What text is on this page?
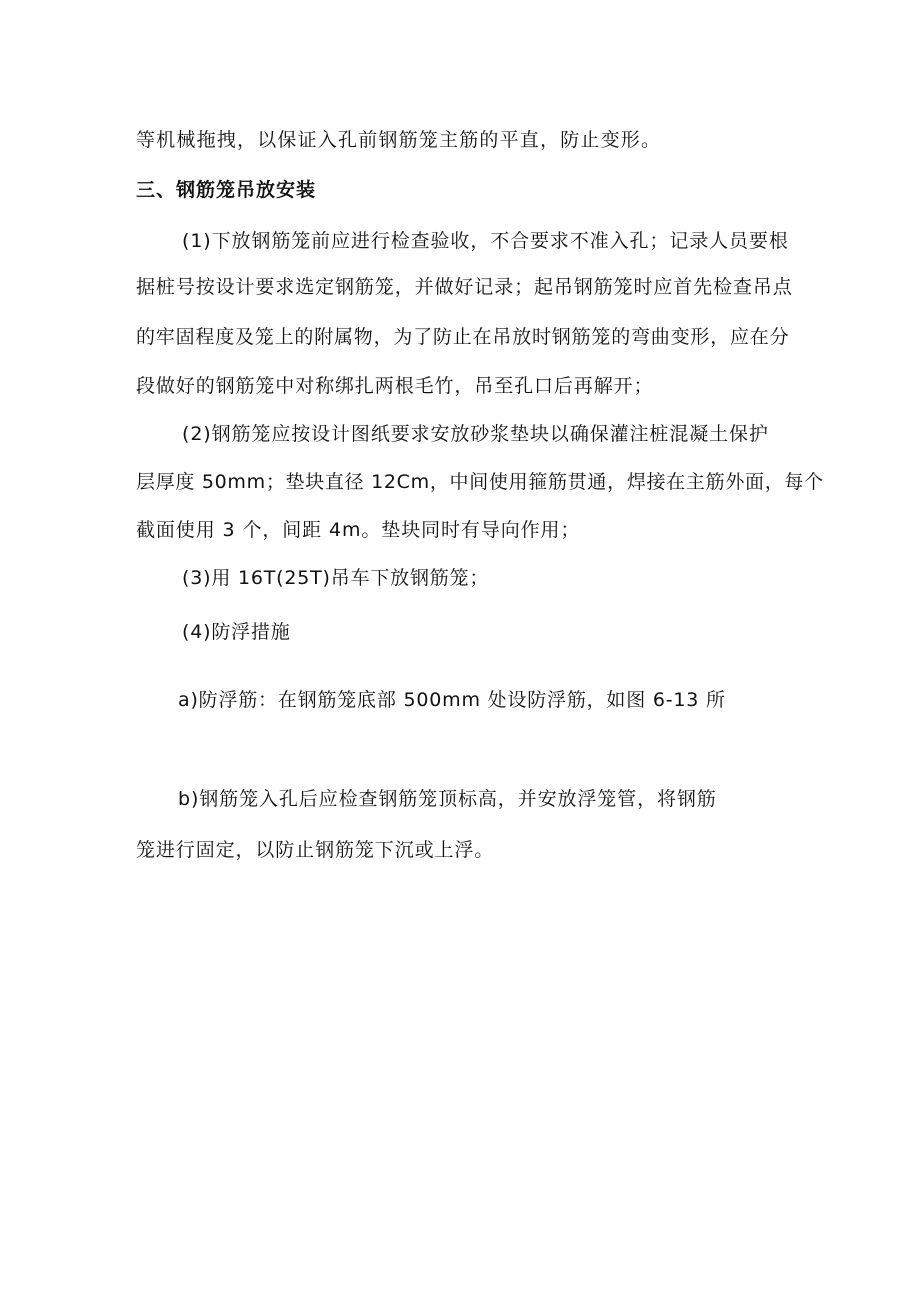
等机械拖拽，以保证入孔前钢筋笼主筋的平直，防止变形。
三、钢筋笼吊放安装
(1)下放钢筋笼前应进行检查验收，不合要求不准入孔；记录人员要根
据桩号按设计要求选定钢筋笼，并做好记录；起吊钢筋笼时应首先检查吊点
的牢固程度及笼上的附属物，为了防止在吊放时钢筋笼的弯曲变形，应在分
段做好的钢筋笼中对称绑扎两根毛竹，吊至孔口后再解开；
(2)钢筋笼应按设计图纸要求安放砂浆垫块以确保灌注桩混凝土保护
层厚度 50mm；垫块直径 12Cm，中间使用箍筋贯通，焊接在主筋外面，每个
截面使用 3 个，间距 4m。垫块同时有导向作用；
(3)用 16T(25T)吊车下放钢筋笼；
(4)防浮措施
a)防浮筋：在钢筋笼底部 500mm 处设防浮筋，如图 6-13 所
b)钢筋笼入孔后应检查钢筋笼顶标高，并安放浮笼管，将钢筋
笼进行固定，以防止钢筋笼下沉或上浮。
